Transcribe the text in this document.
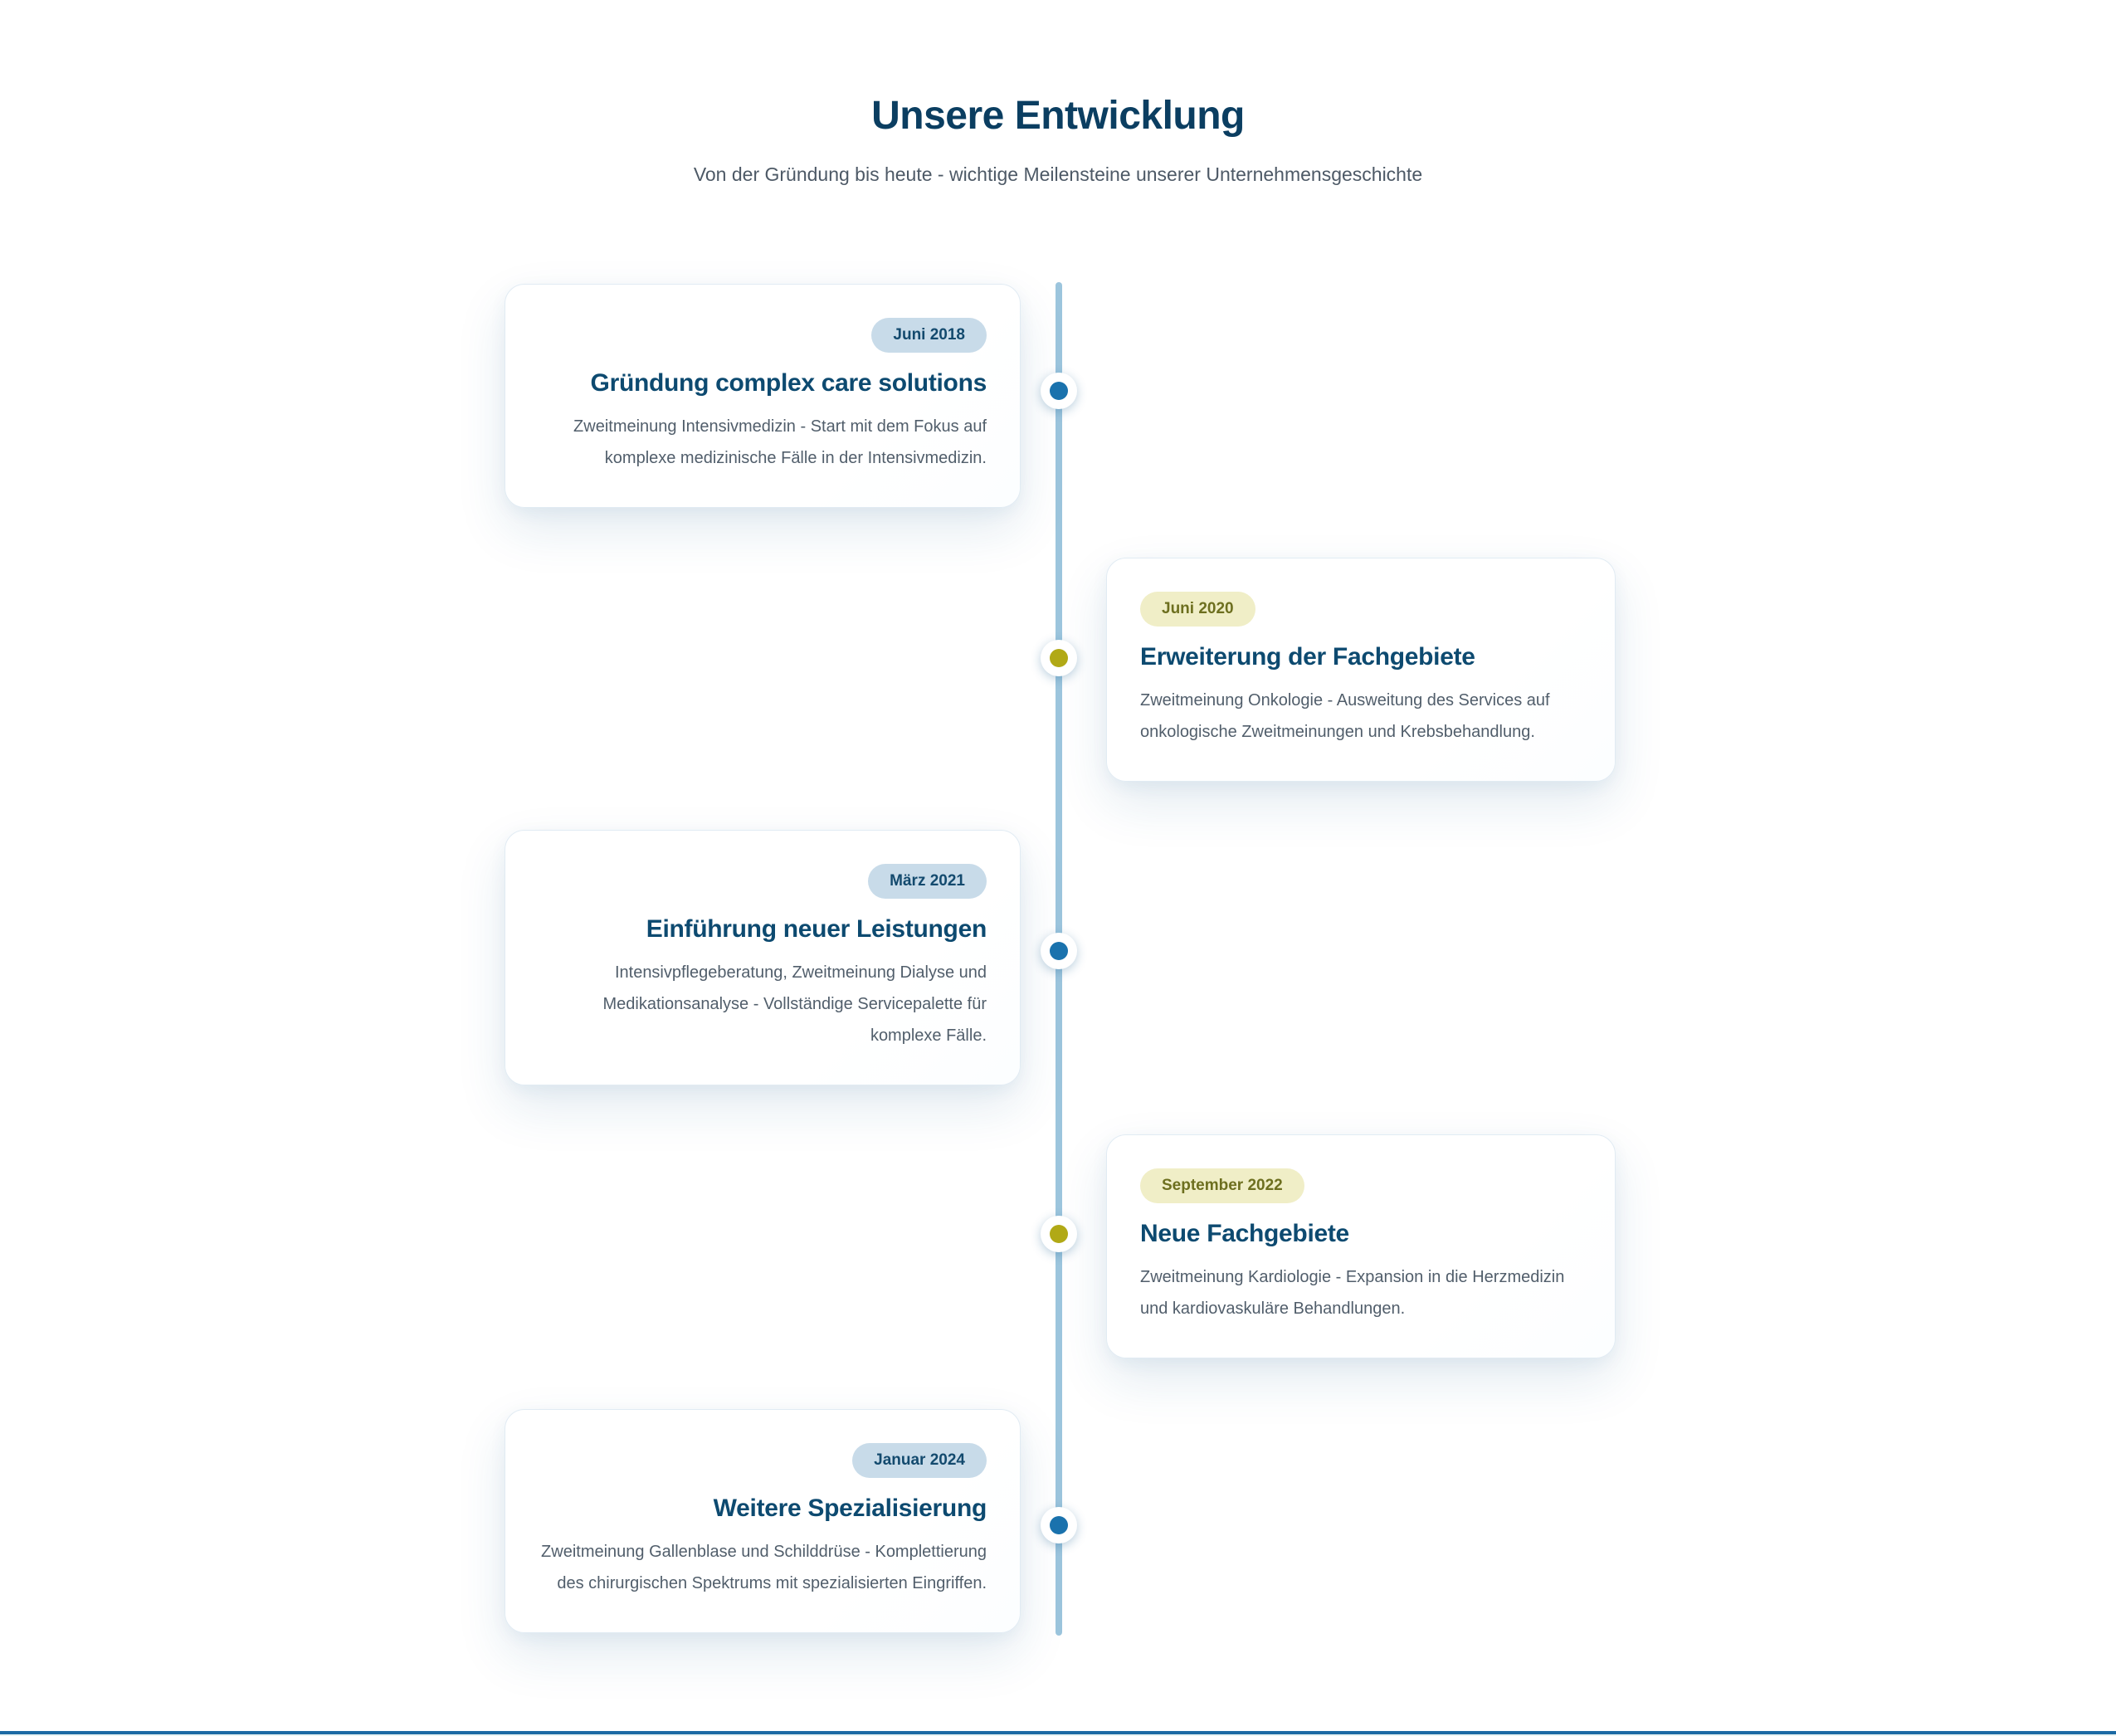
Unsere Entwicklung

Von der Gründung bis heute - wichtige Meilensteine unserer Unternehmensgeschichte

Juni 2018
Gründung complex care solutions

Zweitmeinung Intensivmedizin - Start mit dem Fokus auf komplexe medizinische Fälle in der Intensivmedizin.

Juni 2020
Erweiterung der Fachgebiete

Zweitmeinung Onkologie - Ausweitung des Services auf onkologische Zweitmeinungen und Krebsbehandlung.

März 2021
Einführung neuer Leistungen

Intensivpflegeberatung, Zweitmeinung Dialyse und Medikationsanalyse - Vollständige Servicepalette für komplexe Fälle.

September 2022
Neue Fachgebiete

Zweitmeinung Kardiologie - Expansion in die Herzmedizin und kardiovaskuläre Behandlungen.

Januar 2024
Weitere Spezialisierung

Zweitmeinung Gallenblase und Schilddrüse - Komplettierung des chirurgischen Spektrums mit spezialisierten Eingriffen.
